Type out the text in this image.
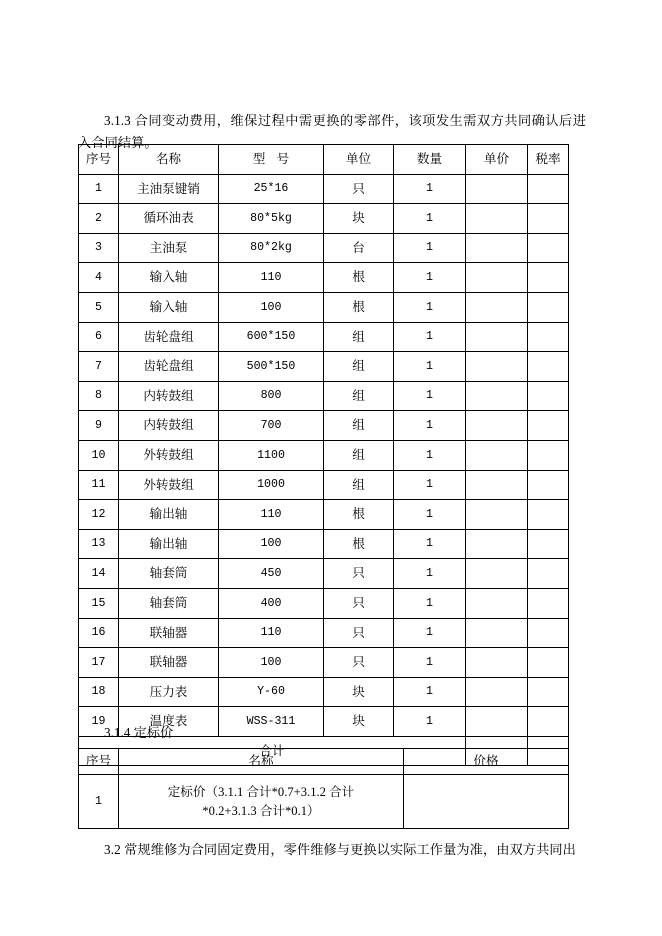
3.1.3 合同变动费用，维保过程中需更换的零部件，该项发生需双方共同确认后进入合同结算。

序号	名称	型 号	单位	数量	单价	税率
1	主油泵键销	25*16	只	1		
2	循环油表	80*5kg	块	1		
3	主油泵	80*2kg	台	1		
4	输入轴	110	根	1		
5	输入轴	100	根	1		
6	齿轮盘组	600*150	组	1		
7	齿轮盘组	500*150	组	1		
8	内转鼓组	800	组	1		
9	内转鼓组	700	组	1		
10	外转鼓组	1100	组	1		
11	外转鼓组	1000	组	1		
12	输出轴	110	根	1		
13	输出轴	100	根	1		
14	轴套筒	450	只	1		
15	轴套筒	400	只	1		
16	联轴器	110	只	1		
17	联轴器	100	只	1		
18	压力表	Y-60	块	1		
19	温度表	WSS-311	块	1		
合计						
3.1.4 定标价
序号	名称	价格
1	定标价（3.1.1 合计*0.7+3.1.2 合计
*0.2+3.1.3 合计*0.1）	

3.2 常规维修为合同固定费用，零件维修与更换以实际工作量为准，由双方共同出
